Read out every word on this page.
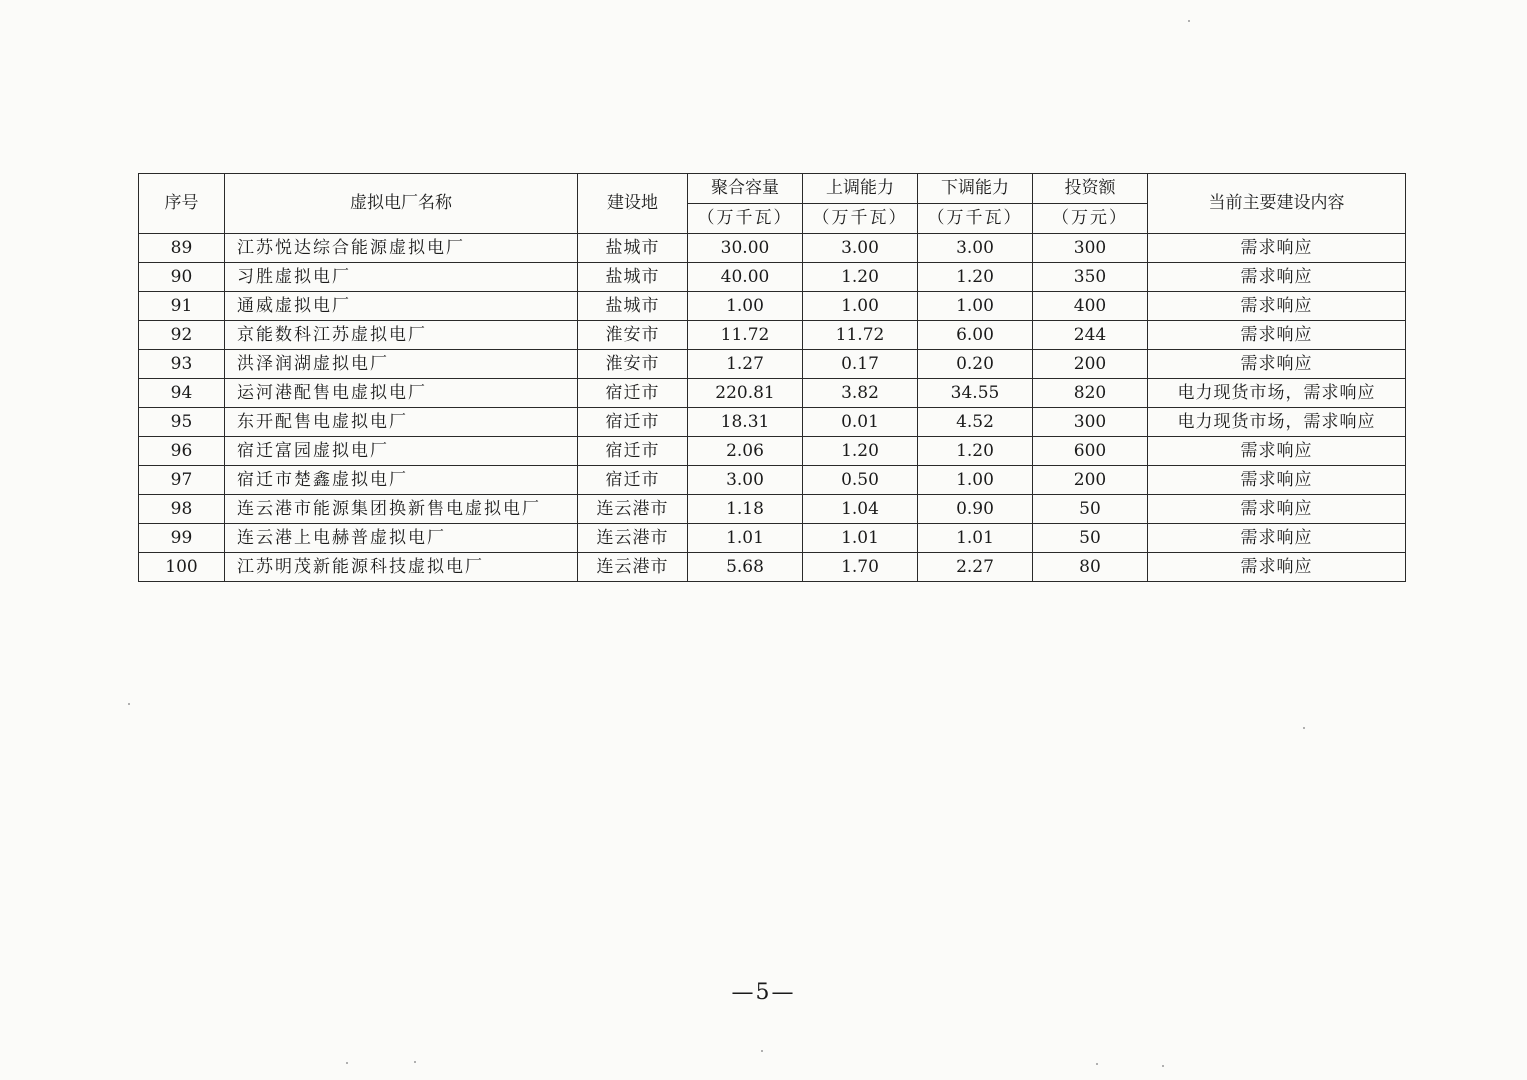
序号	虚拟电厂名称	建设地	聚合容量	上调能力	下调能力	投资额	当前主要建设内容
			（万千瓦）	（万千瓦）	（万千瓦）	（万元）	
89	江苏悦达综合能源虚拟电厂	盐城市	30.00	3.00	3.00	300	需求响应
90	习胜虚拟电厂	盐城市	40.00	1.20	1.20	350	需求响应
91	通威虚拟电厂	盐城市	1.00	1.00	1.00	400	需求响应
92	京能数科江苏虚拟电厂	淮安市	11.72	11.72	6.00	244	需求响应
93	洪泽润湖虚拟电厂	淮安市	1.27	0.17	0.20	200	需求响应
94	运河港配售电虚拟电厂	宿迁市	220.81	3.82	34.55	820	电力现货市场，需求响应
95	东开配售电虚拟电厂	宿迁市	18.31	0.01	4.52	300	电力现货市场，需求响应
96	宿迁富园虚拟电厂	宿迁市	2.06	1.20	1.20	600	需求响应
97	宿迁市楚鑫虚拟电厂	宿迁市	3.00	0.50	1.00	200	需求响应
98	连云港市能源集团换新售电虚拟电厂	连云港市	1.18	1.04	0.90	50	需求响应
99	连云港上电赫普虚拟电厂	连云港市	1.01	1.01	1.01	50	需求响应
100	江苏明茂新能源科技虚拟电厂	连云港市	5.68	1.70	2.27	80	需求响应
—5—
